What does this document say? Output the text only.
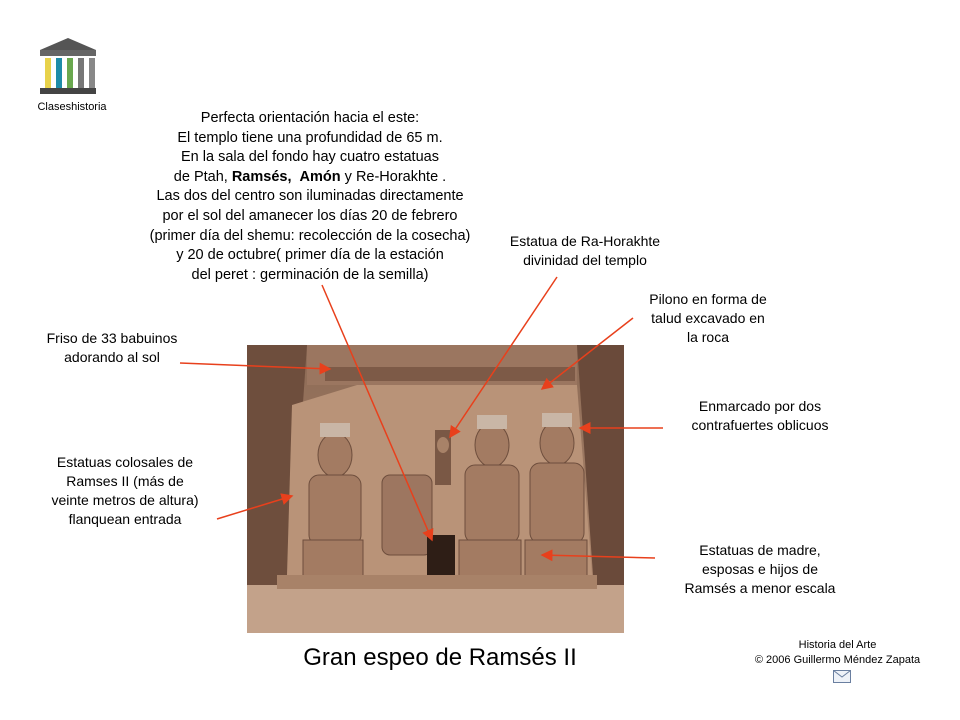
Claseshistoria
Perfecta orientación hacia el este:
El templo tiene una profundidad de 65 m.
En la sala del fondo hay cuatro estatuas
de Ptah, Ramsés, Amón y Re-Horakhte .
Las dos del centro son iluminadas directamente
por el sol del amanecer los días 20 de febrero
(primer día del shemu: recolección de la cosecha)
y 20 de octubre( primer día de la estación
del peret : germinación de la semilla)
Estatua de Ra-Horakhte
divinidad del templo
Pilono en forma de
talud excavado en
la roca
Friso de 33 babuinos
adorando al sol
Enmarcado por dos
contrafuertes oblicuos
Estatuas colosales de
Ramses II (más de
veinte metros de altura)
flanquean entrada
Estatuas de madre,
esposas e hijos de
Ramsés a menor escala
Gran espeo de Ramsés II	Historia del Arte
© 2006 Guillermo Méndez Zapata
